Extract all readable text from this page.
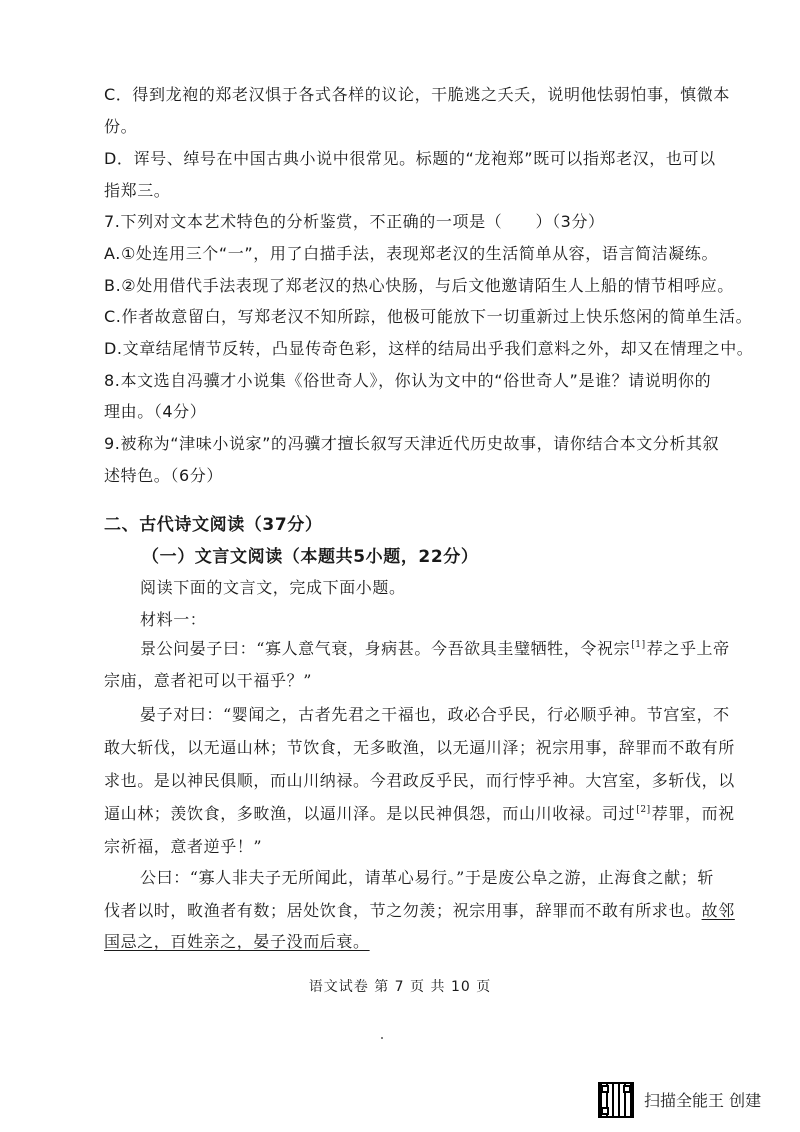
C．得到龙袍的郑老汉惧于各式各样的议论，干脆逃之夭夭，说明他怯弱怕事，慎微本
份。
D．诨号、绰号在中国古典小说中很常见。标题的“龙袍郑”既可以指郑老汉，也可以
指郑三。
7.下列对文本艺术特色的分析鉴赏，不正确的一项是（　　）（3分）
A.①处连用三个“一”，用了白描手法，表现郑老汉的生活简单从容，语言简洁凝练。
B.②处用借代手法表现了郑老汉的热心快肠，与后文他邀请陌生人上船的情节相呼应。
C.作者故意留白，写郑老汉不知所踪，他极可能放下一切重新过上快乐悠闲的简单生活。
D.文章结尾情节反转，凸显传奇色彩，这样的结局出乎我们意料之外，却又在情理之中。
8.本文选自冯骥才小说集《俗世奇人》，你认为文中的“俗世奇人”是谁？请说明你的
理由。（4分）
9.被称为“津味小说家”的冯骥才擅长叙写天津近代历史故事，请你结合本文分析其叙
述特色。（6分）
二、古代诗文阅读（37分）
（一）文言文阅读（本题共5小题，22分）
阅读下面的文言文，完成下面小题。
材料一：
景公问晏子曰：“寡人意气衰，身病甚。今吾欲具圭璧牺牲，令祝宗[1]荐之乎上帝
宗庙，意者祀可以干福乎？”
晏子对曰：“婴闻之，古者先君之干福也，政必合乎民，行必顺乎神。节宫室，不
敢大斩伐，以无逼山林；节饮食，无多畋渔，以无逼川泽；祝宗用事，辞罪而不敢有所
求也。是以神民俱顺，而山川纳禄。今君政反乎民，而行悖乎神。大宫室，多斩伐，以
逼山林；羡饮食，多畋渔，以逼川泽。是以民神俱怨，而山川收禄。司过[2]荐罪，而祝
宗祈福，意者逆乎！”
公曰：“寡人非夫子无所闻此，请革心易行。”于是废公阜之游，止海食之献；斩
伐者以时，畋渔者有数；居处饮食，节之勿羡；祝宗用事，辞罪而不敢有所求也。故邻
国忌之，百姓亲之，晏子没而后衰。
语文试卷 第 7 页 共 10 页
扫描全能王 创建
